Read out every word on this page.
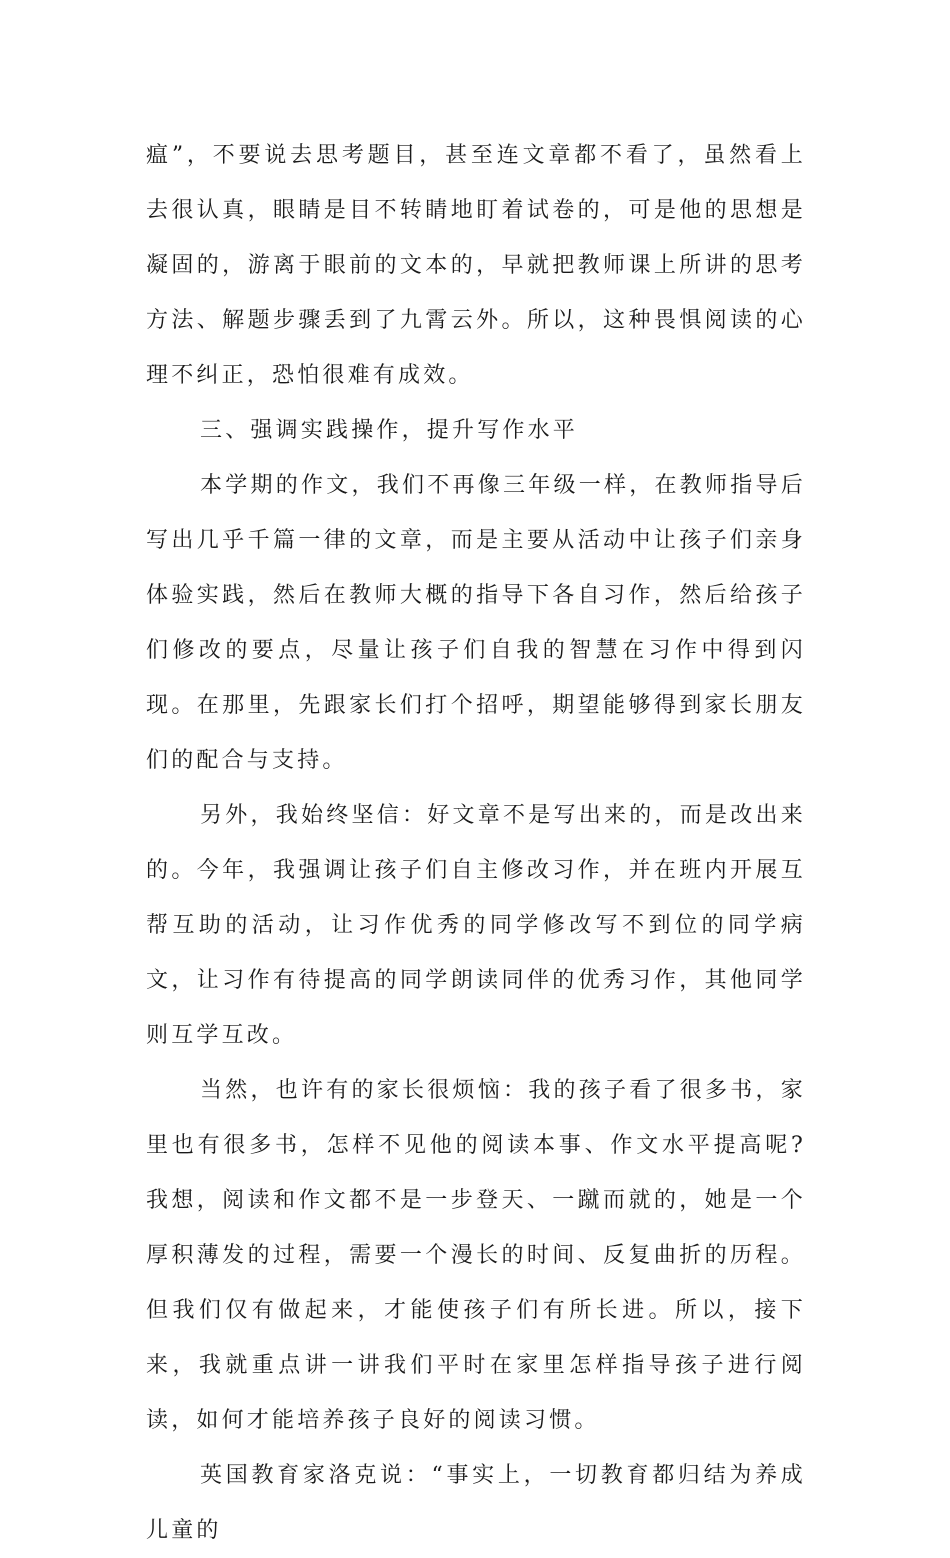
瘟”，不要说去思考题目，甚至连文章都不看了，虽然看上去很认真，眼睛是目不转睛地盯着试卷的，可是他的思想是凝固的，游离于眼前的文本的，早就把教师课上所讲的思考方法、解题步骤丢到了九霄云外。所以，这种畏惧阅读的心理不纠正，恐怕很难有成效。

三、强调实践操作，提升写作水平

本学期的作文，我们不再像三年级一样，在教师指导后写出几乎千篇一律的文章，而是主要从活动中让孩子们亲身体验实践，然后在教师大概的指导下各自习作，然后给孩子们修改的要点，尽量让孩子们自我的智慧在习作中得到闪现。在那里，先跟家长们打个招呼，期望能够得到家长朋友们的配合与支持。

另外，我始终坚信：好文章不是写出来的，而是改出来的。今年，我强调让孩子们自主修改习作，并在班内开展互帮互助的活动，让习作优秀的同学修改写不到位的同学病文，让习作有待提高的同学朗读同伴的优秀习作，其他同学则互学互改。

当然，也许有的家长很烦恼：我的孩子看了很多书，家里也有很多书，怎样不见他的阅读本事、作文水平提高呢?我想，阅读和作文都不是一步登天、一蹴而就的，她是一个厚积薄发的过程，需要一个漫长的时间、反复曲折的历程。但我们仅有做起来，才能使孩子们有所长进。所以，接下来，我就重点讲一讲我们平时在家里怎样指导孩子进行阅读，如何才能培养孩子良好的阅读习惯。

英国教育家洛克说：“事实上，一切教育都归结为养成儿童的
